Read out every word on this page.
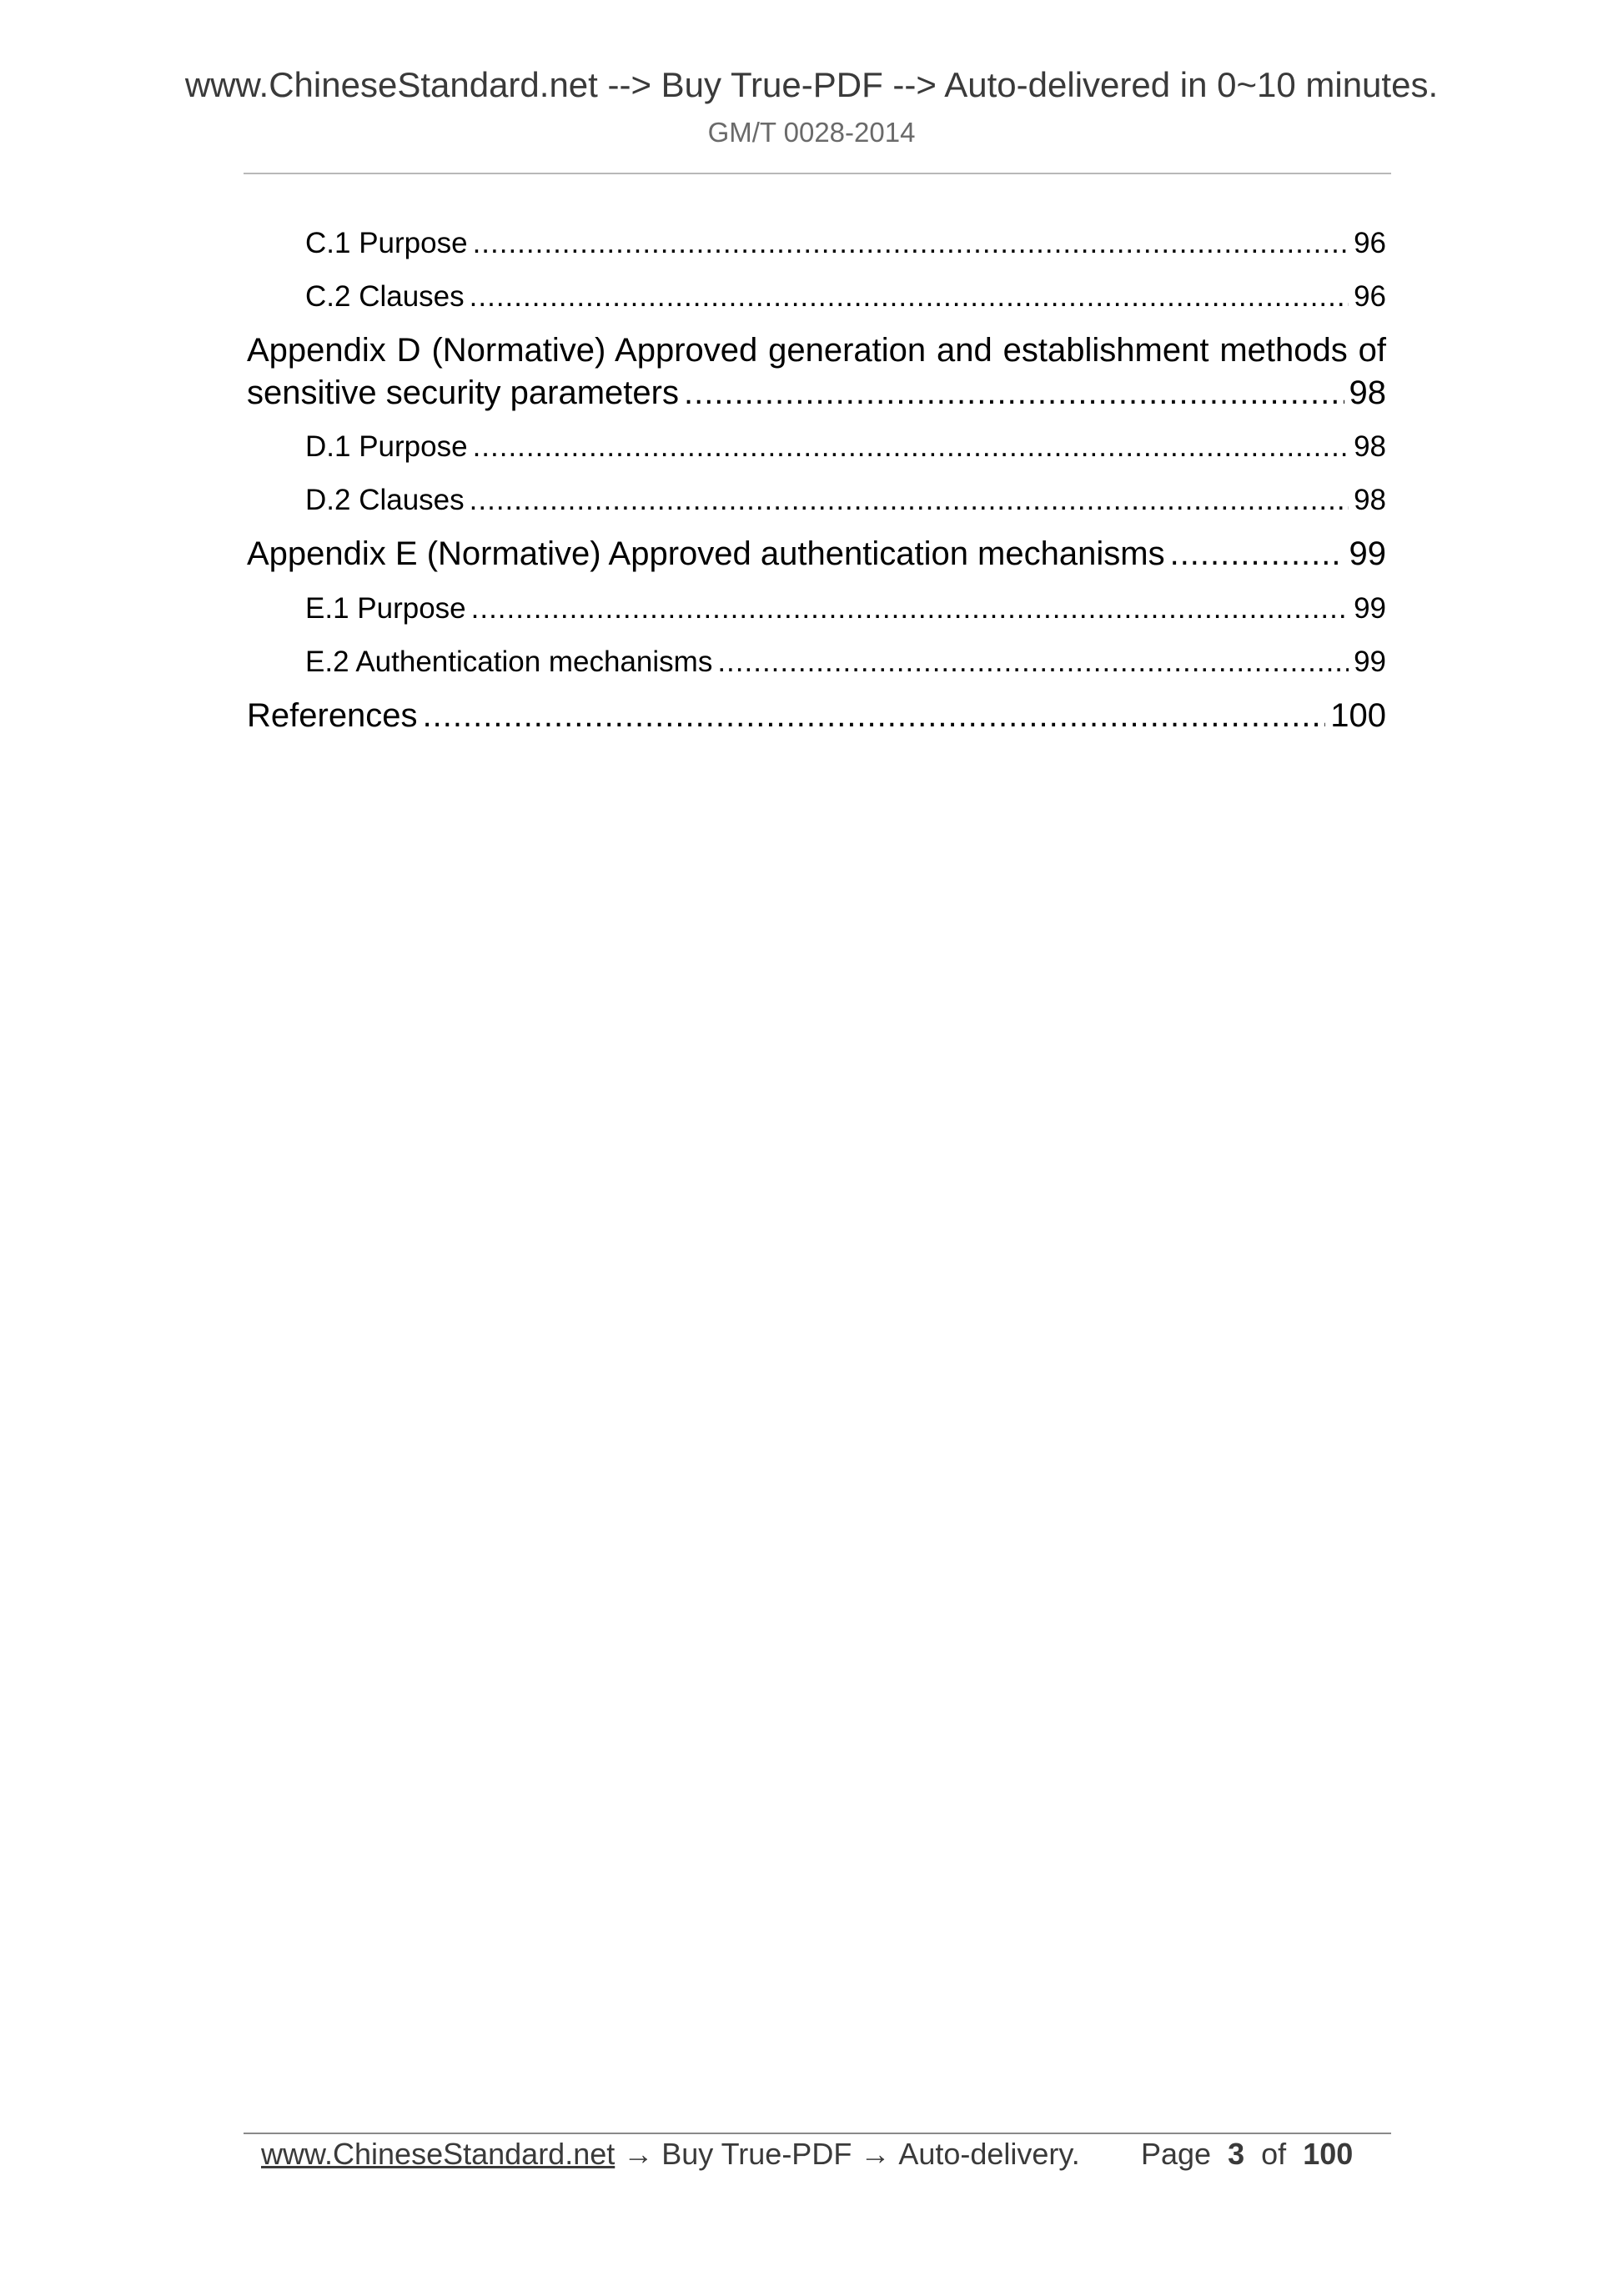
www.ChineseStandard.net --> Buy True-PDF --> Auto-delivered in 0~10 minutes.
GM/T 0028-2014
C.1 Purpose .....	96
C.2 Clauses .....	96
Appendix D (Normative) Approved generation and establishment methods of
sensitive security parameters .....	98
D.1 Purpose .....	98
D.2 Clauses .....	98
Appendix E (Normative) Approved authentication mechanisms .....	99
E.1 Purpose .....	99
E.2 Authentication mechanisms .....	99
References .....	100
www.ChineseStandard.net → Buy True-PDF → Auto-delivery. Page 3 of 100
